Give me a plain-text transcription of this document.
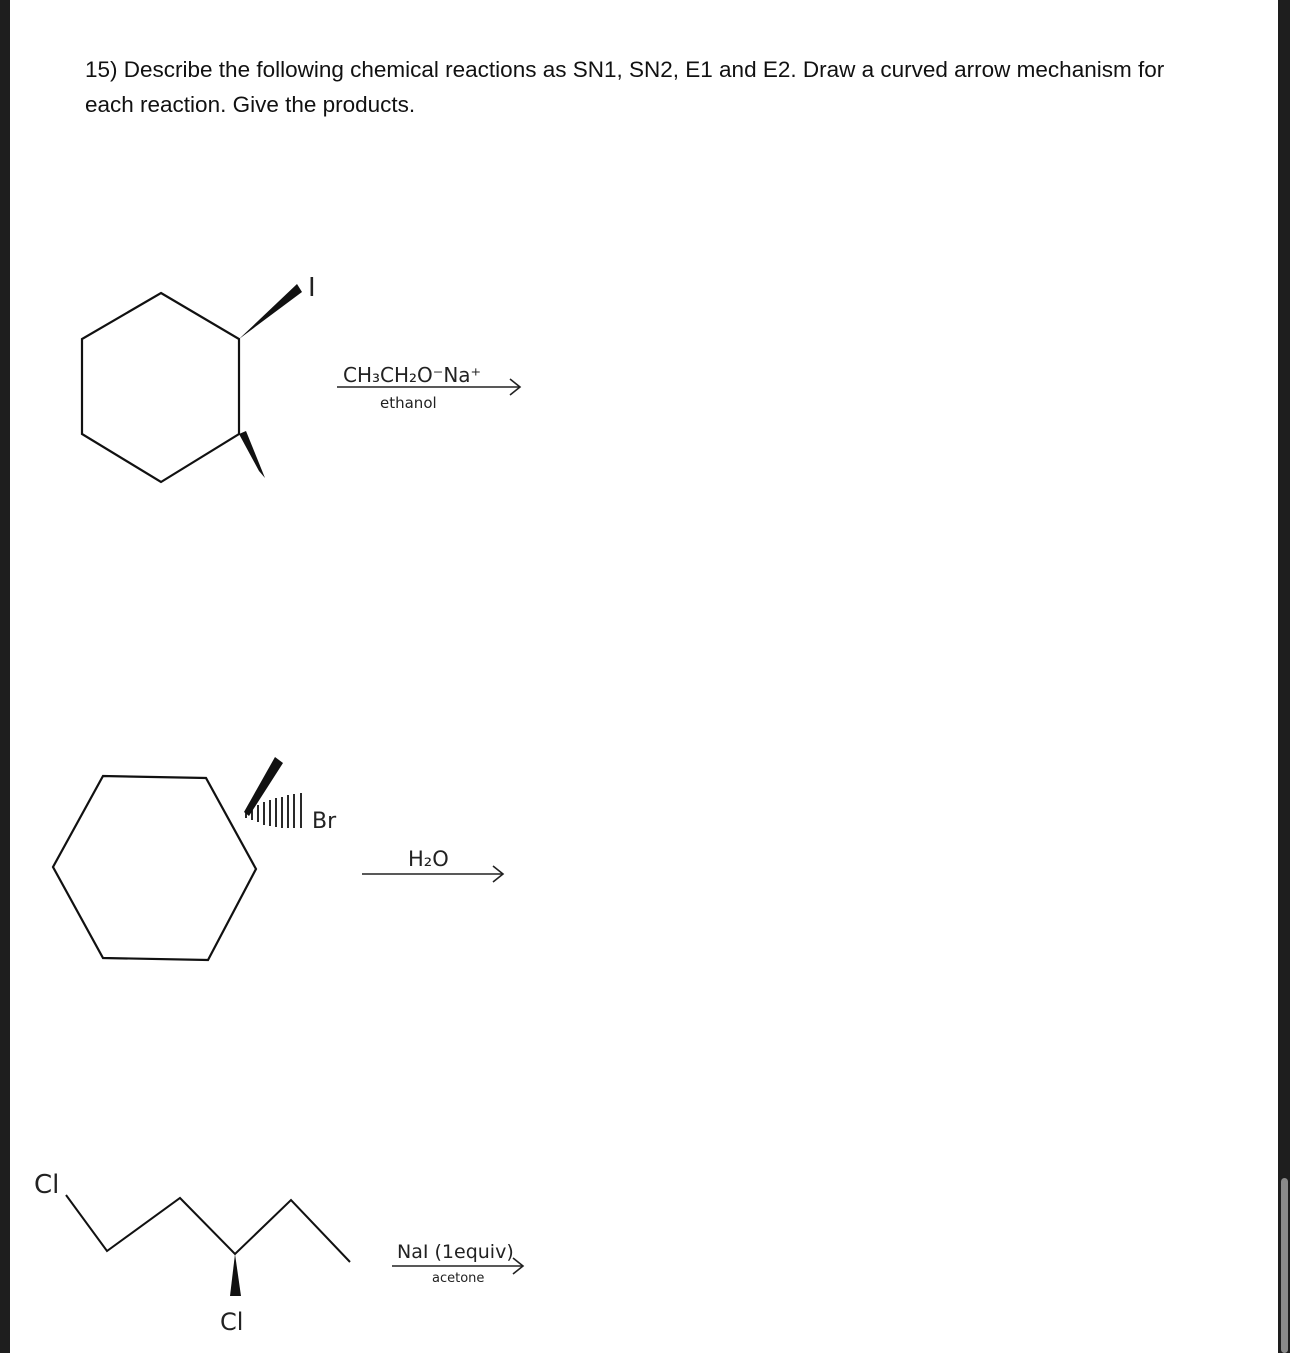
15) Describe the following chemical reactions as SN1, SN2, E1 and E2. Draw a curved arrow mechanism for each reaction. Give the products.
I
CH₃CH₂O⁻Na⁺
ethanol
Br
H₂O
Cl
Cl
NaI (1equiv)
acetone
